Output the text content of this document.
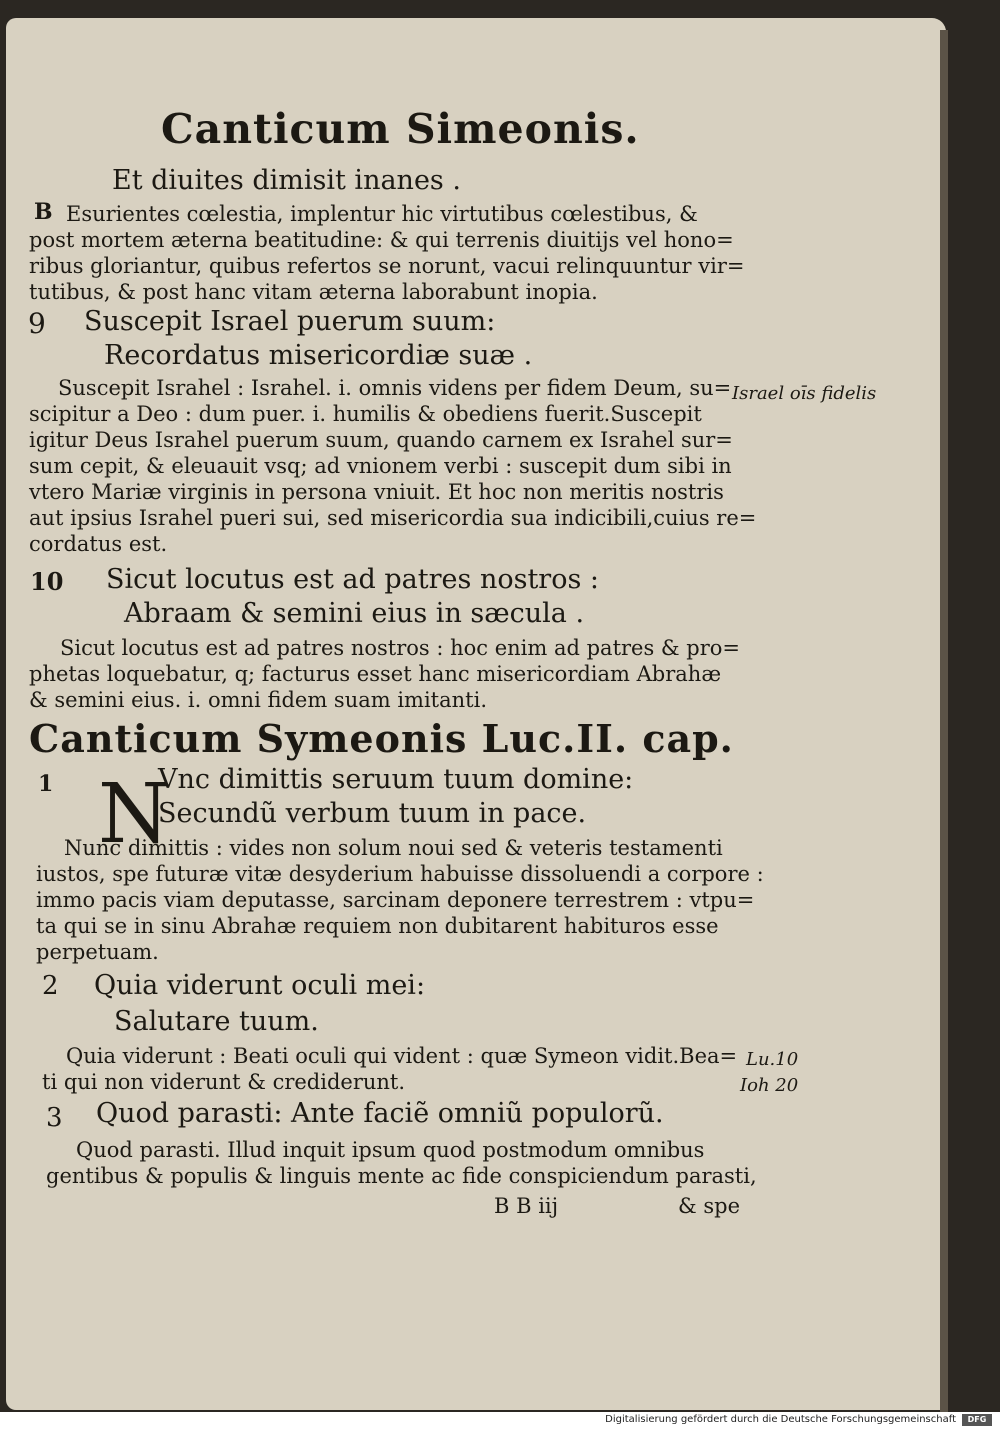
Canticum Simeonis.
Et diuites dimisit inanes .
B Esurientes cœlestia, implentur hic virtutibus cœlestibus, &
post mortem æterna beatitudine: & qui terrenis diuitijs vel hono=
ribus gloriantur, quibus refertos se norunt, vacui relinquuntur vir=
tutibus, & post hanc vitam æterna laborabunt inopia.
9 Suscepit Israel puerum suum:
Recordatus misericordiæ suæ .
Suscepit Israhel : Israhel. i. omnis videns per fidem Deum, su=
scipitur a Deo : dum puer. i. humilis & obediens fuerit.Suscepit
igitur Deus Israhel puerum suum, quando carnem ex Israhel sur=
sum cepit, & eleuauit vsq; ad vnionem verbi : suscepit dum sibi in
vtero Mariæ virginis in persona vniuit. Et hoc non meritis nostris
aut ipsius Israhel pueri sui, sed misericordia sua indicibili,cuius re=
cordatus est.
10 Sicut locutus est ad patres nostros :
Abraam & semini eius in sæcula .
Sicut locutus est ad patres nostros : hoc enim ad patres & pro=
phetas loquebatur, q; facturus esset hanc misericordiam Abrahæ
& semini eius. i. omni fidem suam imitanti.
Canticum Symeonis Luc.II. cap.
1 N
Vnc dimittis seruum tuum domine:
Secundũ verbum tuum in pace.
Nunc dimittis : vides non solum noui sed & veteris testamenti
iustos, spe futuræ vitæ desyderium habuisse dissoluendi a corpore :
immo pacis viam deputasse, sarcinam deponere terrestrem : vtpu=
ta qui se in sinu Abrahæ requiem non dubitarent habituros esse
perpetuam.
2 Quia viderunt oculi mei:
Salutare tuum.
Quia viderunt : Beati oculi qui vident : quæ Symeon vidit.Bea=
ti qui non viderunt & crediderunt.
3 Quod parasti: Ante faciẽ omniũ populorũ.
Quod parasti. Illud inquit ipsum quod postmodum omnibus
gentibus & populis & linguis mente ac fide conspiciendum parasti,
B B iij	& spe
Israel oīs fidelis
Lu.10
Ioh 20
Digitalisierung gefördert durch die Deutsche Forschungsgemeinschaft	DFG
